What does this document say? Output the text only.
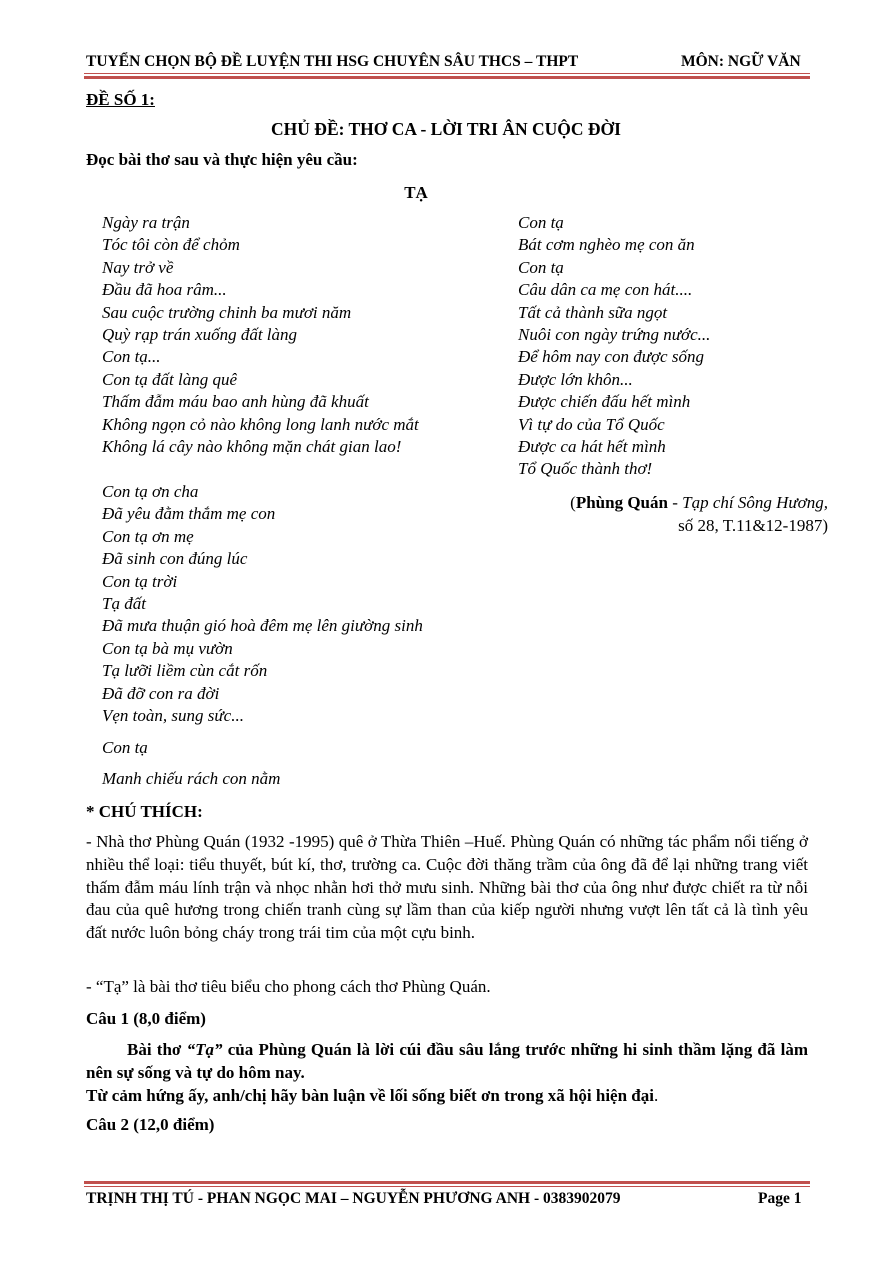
TUYỂN CHỌN BỘ ĐỀ LUYỆN THI HSG CHUYÊN SÂU THCS – THPT	MÔN: NGỮ VĂN
ĐỀ SỐ 1:
CHỦ ĐỀ: THƠ CA - LỜI TRI ÂN CUỘC ĐỜI
Đọc bài thơ sau và thực hiện yêu cầu:
TẠ
Ngày ra trận
Tóc tôi còn để chỏm
Nay trở về
Đầu đã hoa râm...
Sau cuộc trường chinh ba mươi năm
Quỳ rạp trán xuống đất làng
Con tạ...
Con tạ đất làng quê
Thấm đẫm máu bao anh hùng đã khuất
Không ngọn cỏ nào không long lanh nước mắt
Không lá cây nào không mặn chát gian lao!
Con tạ ơn cha
Đã yêu đằm thắm mẹ con
Con tạ ơn mẹ
Đã sinh con đúng lúc
Con tạ trời
Tạ đất
Đã mưa thuận gió hoà đêm mẹ lên giường sinh
Con tạ bà mụ vườn
Tạ lưỡi liềm cùn cắt rốn
Đã đỡ con ra đời
Vẹn toàn, sung sức...
Con tạ
Manh chiếu rách con nằm
Con tạ
Bát cơm nghèo mẹ con ăn
Con tạ
Câu dân ca mẹ con hát....
Tất cả thành sữa ngọt
Nuôi con ngày trứng nước...
Để hôm nay con được sống
Được lớn khôn...
Được chiến đấu hết mình
Vì tự do của Tổ Quốc
Được ca hát hết mình
Tổ Quốc thành thơ!
(Phùng Quán - Tạp chí Sông Hương,
số 28, T.11&12-1987)
* CHÚ THÍCH:
- Nhà thơ Phùng Quán (1932 -1995) quê ở Thừa Thiên –Huế. Phùng Quán có những tác phẩm nổi tiếng ở nhiều thể loại: tiểu thuyết, bút kí, thơ, trường ca. Cuộc đời thăng trầm của ông đã để lại những trang viết thấm đẫm máu lính trận và nhọc nhằn hơi thở mưu sinh. Những bài thơ của ông như được chiết ra từ nỗi đau của quê hương trong chiến tranh cùng sự lầm than của kiếp người nhưng vượt lên tất cả là tình yêu đất nước luôn bỏng cháy trong trái tim của một cựu binh.
- “Tạ” là bài thơ tiêu biểu cho phong cách thơ Phùng Quán.
Câu 1 (8,0 điểm)
Bài thơ “Tạ” của Phùng Quán là lời cúi đầu sâu lắng trước những hi sinh thầm lặng đã làm nên sự sống và tự do hôm nay.
Từ cảm hứng ấy, anh/chị hãy bàn luận về lối sống biết ơn trong xã hội hiện đại.
Câu 2 (12,0 điểm)
TRỊNH THỊ TÚ - PHAN NGỌC MAI – NGUYỄN PHƯƠNG ANH - 0383902079	Page 1
